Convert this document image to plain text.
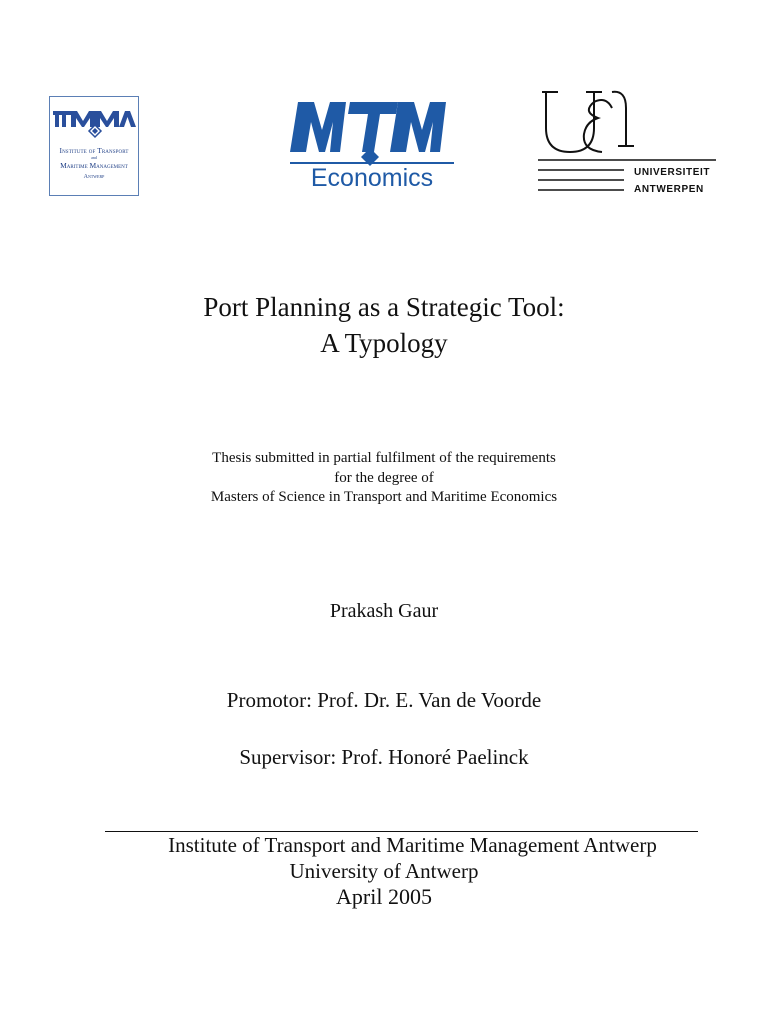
Institute of Transport
and
Maritime Management
Antwerp	Economics	UNIVERSITEIT
ANTWERPEN
Port Planning as a Strategic Tool:
A Typology
Thesis submitted in partial fulfilment of the requirements
for the degree of
Masters of Science in Transport and Maritime Economics
Prakash Gaur
Promotor: Prof. Dr. E. Van de Voorde
Supervisor: Prof. Honoré Paelinck
Institute of Transport and Maritime Management Antwerp
University of Antwerp
April 2005
